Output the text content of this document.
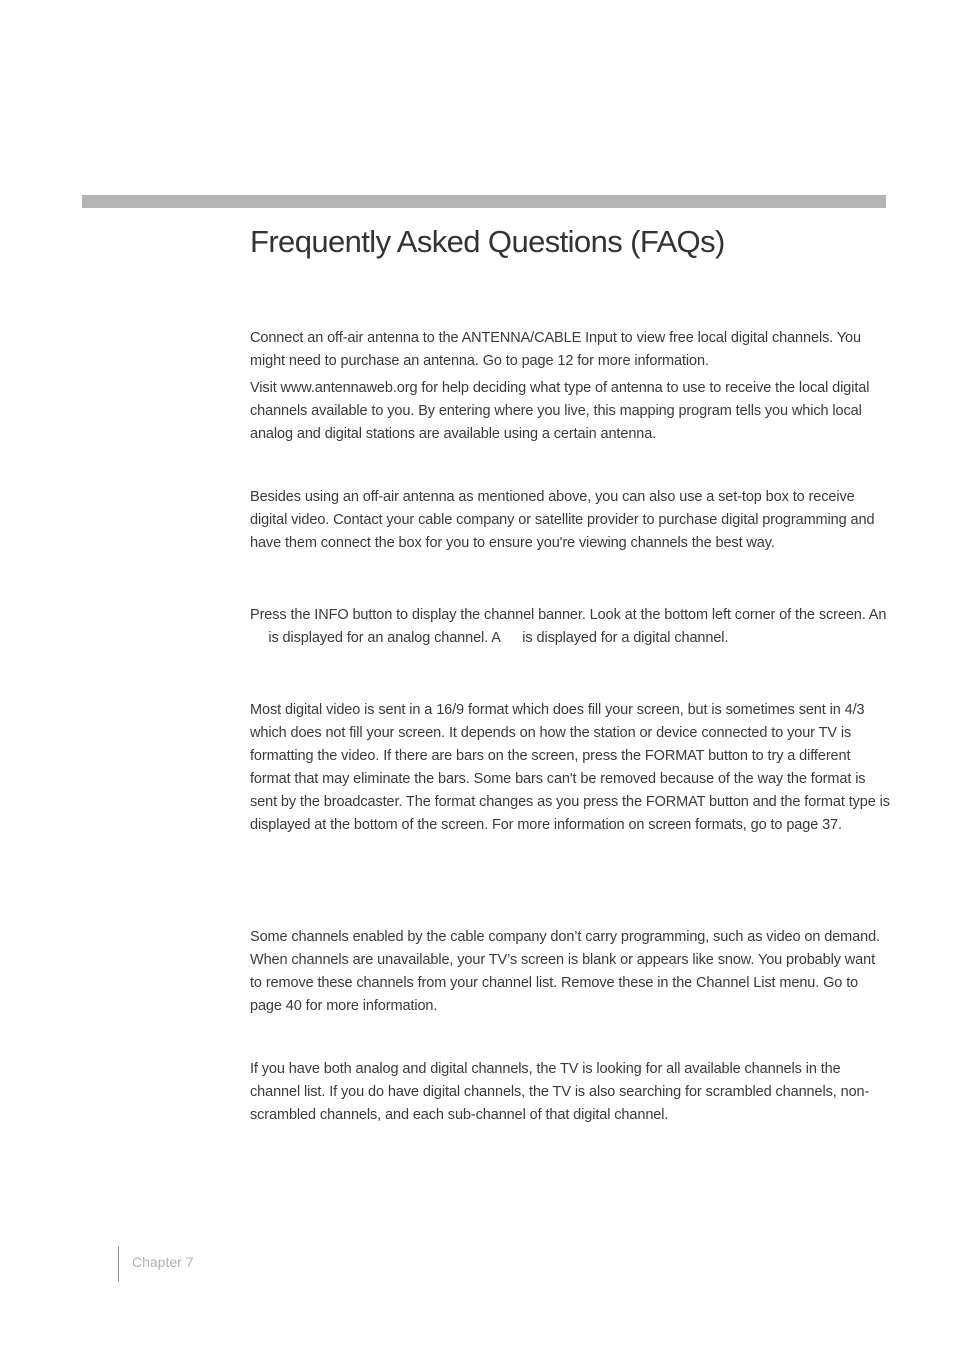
Frequently Asked Questions (FAQs)

Connect an off-air antenna to the ANTENNA/CABLE Input to view free local digital channels. You might need to purchase an antenna. Go to page 12 for more information.

Visit www.antennaweb.org for help deciding what type of antenna to use to receive the local digital channels available to you. By entering where you live, this mapping program tells you which local analog and digital stations are available using a certain antenna.

Besides using an off-air antenna as mentioned above, you can also use a set-top box to receive digital video. Contact your cable company or satellite provider to purchase digital programming and have them connect the box for you to ensure you're viewing channels the best way.

Press the INFO button to display the channel banner. Look at the bottom left corner of the screen. An   is displayed for an analog channel. A   is displayed for a digital channel.

Most digital video is sent in a 16/9 format which does fill your screen, but is sometimes sent in 4/3 which does not fill your screen. It depends on how the station or device connected to your TV is formatting the video. If there are bars on the screen, press the FORMAT button to try a different format that may eliminate the bars. Some bars can't be removed because of the way the format is sent by the broadcaster. The format changes as you press the FORMAT button and the format type is displayed at the bottom of the screen. For more information on screen formats, go to page 37.

Some channels enabled by the cable company don’t carry programming, such as video on demand. When channels are unavailable, your TV’s screen is blank or appears like snow. You probably want to remove these channels from your channel list. Remove these in the Channel List menu. Go to page 40 for more information.

If you have both analog and digital channels, the TV is looking for all available channels in the channel list. If you do have digital channels, the TV is also searching for scrambled channels, non-scrambled channels, and each sub-channel of that digital channel.

Chapter 7
